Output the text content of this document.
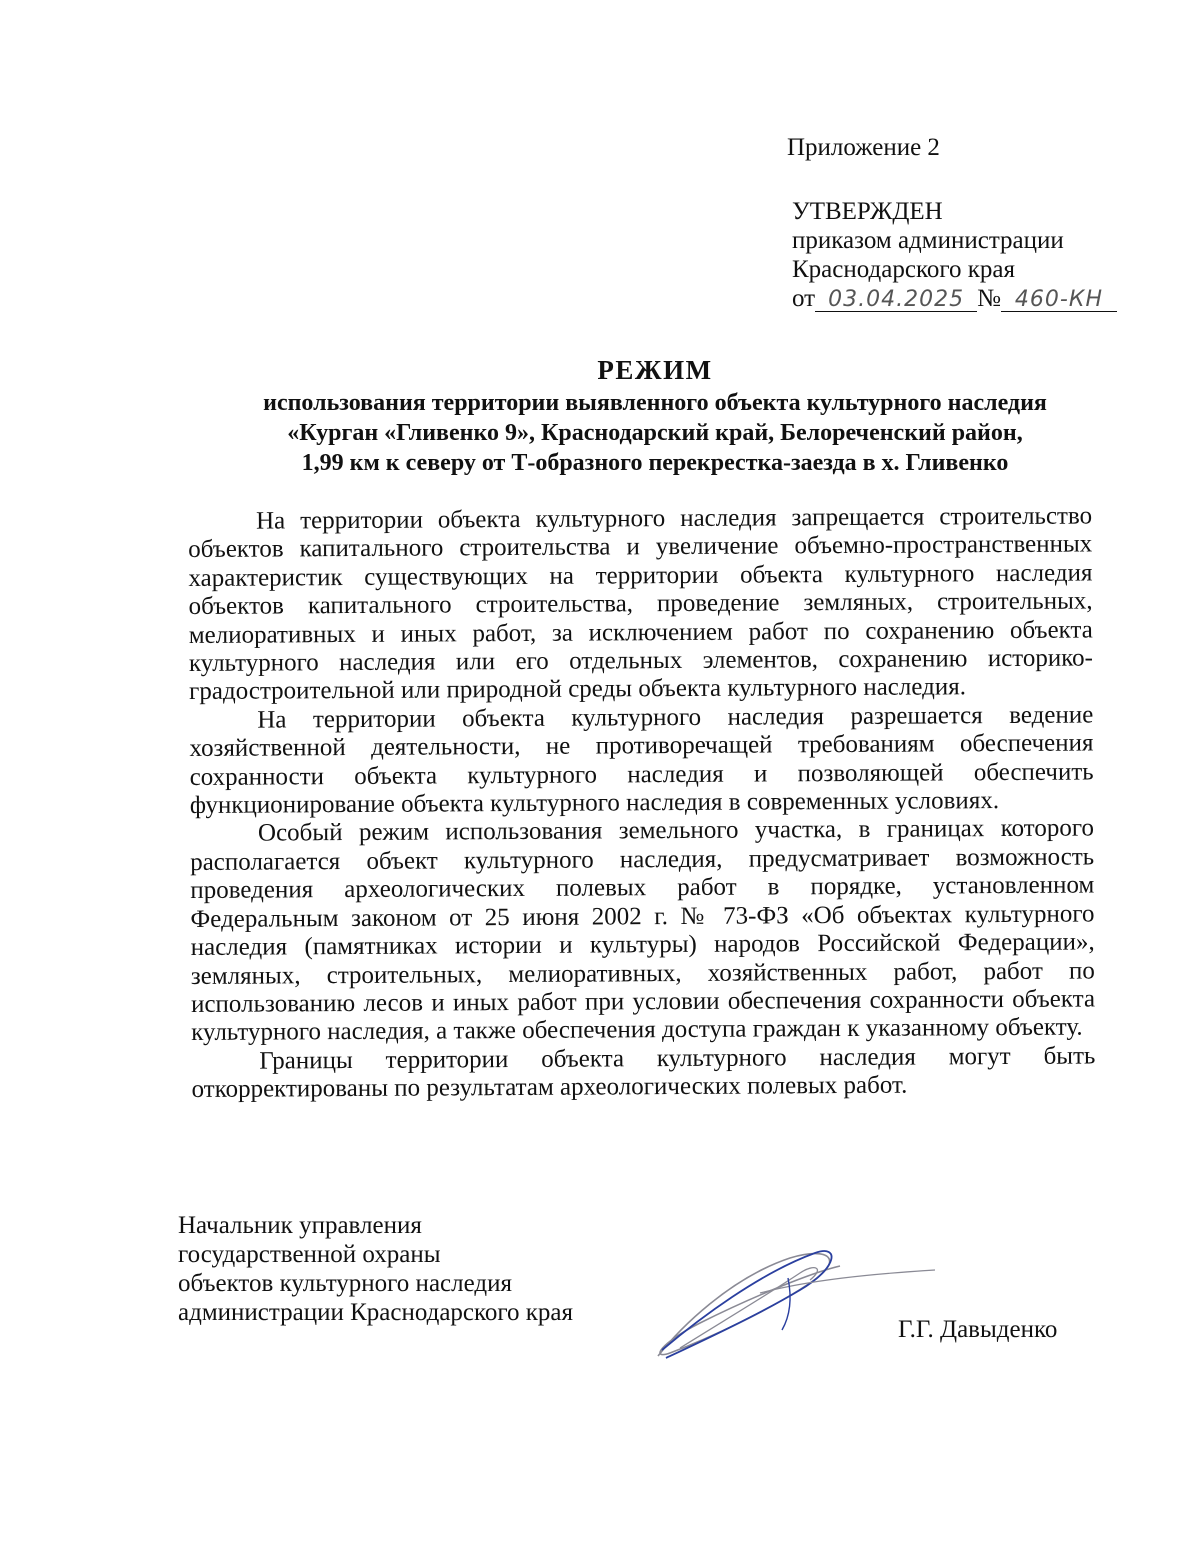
Приложение 2
УТВЕРЖДЕН
приказом администрации
Краснодарского края
от 03.04.2025 № 460-КН
РЕЖИМ
использования территории выявленного объекта культурного наследия
«Курган «Гливенко 9», Краснодарский край, Белореченский район,
1,99 км к северу от Т-образного перекрестка-заезда в х. Гливенко

На территории объекта культурного наследия запрещается строительство объектов капитального строительства и увеличение объемно-пространственных характеристик существующих на территории объекта культурного наследия объектов капитального строительства, проведение земляных, строительных, мелиоративных и иных работ, за исключением работ по сохранению объекта культурного наследия или его отдельных элементов, сохранению историко-градостроительной или природной среды объекта культурного наследия.

На территории объекта культурного наследия разрешается ведение хозяйственной деятельности, не противоречащей требованиям обеспечения сохранности объекта культурного наследия и позволяющей обеспечить функционирование объекта культурного наследия в современных условиях.

Особый режим использования земельного участка, в границах которого располагается объект культурного наследия, предусматривает возможность проведения археологических полевых работ в порядке, установленном Федеральным законом от 25 июня 2002 г. № 73-ФЗ «Об объектах культурного наследия (памятниках истории и культуры) народов Российской Федерации», земляных, строительных, мелиоративных, хозяйственных работ, работ по использованию лесов и иных работ при условии обеспечения сохранности объекта культурного наследия, а также обеспечения доступа граждан к указанному объекту.

Границы территории объекта культурного наследия могут быть откорректированы по результатам археологических полевых работ.

Начальник управления
государственной охраны
объектов культурного наследия
администрации Краснодарского края
Г.Г. Давыденко
